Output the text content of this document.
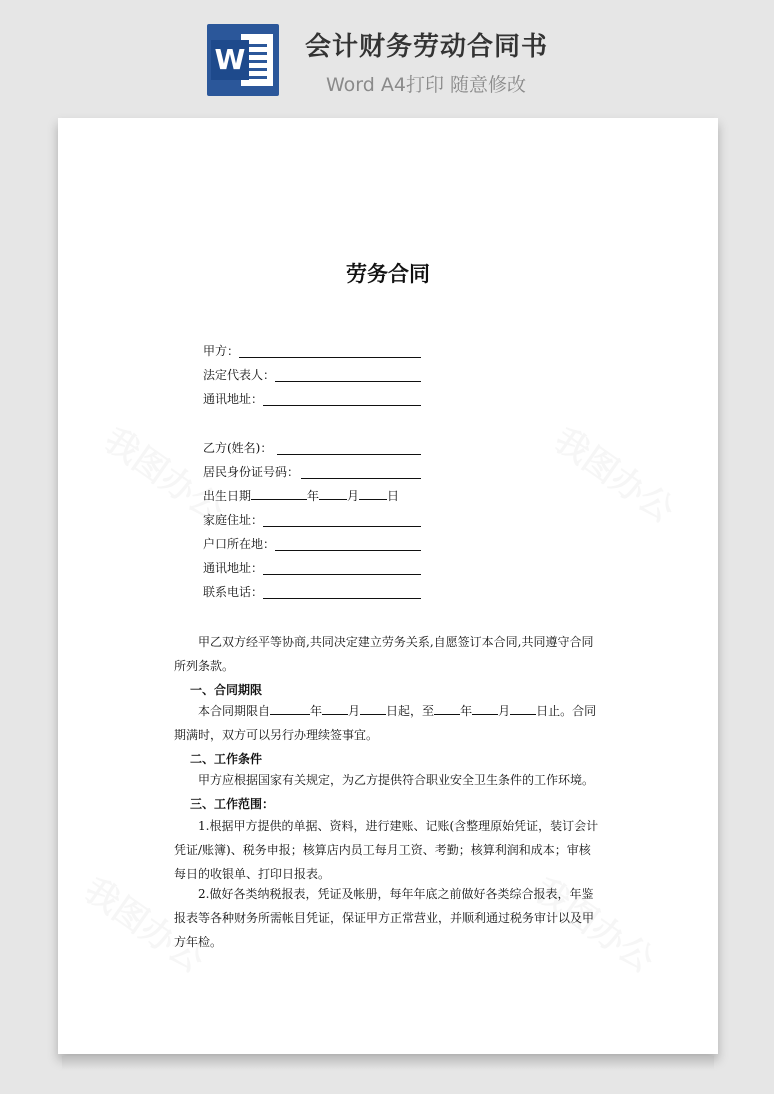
W 会计财务劳动合同书
Word A4打印 随意修改
劳务合同
甲方：
法定代表人：
通讯地址：
乙方(姓名)：
居民身份证号码：
出生日期	年 月 日
家庭住址：
户口所在地：
通讯地址：
联系电话：
甲乙双方经平等协商,共同决定建立劳务关系,自愿签订本合同,共同遵守合同所列条款。
一、合同期限
本合同期限自	年 月 日起，至 年 月 日止。合同期满时，双方可以另行办理续签事宜。
二、工作条件
甲方应根据国家有关规定，为乙方提供符合职业安全卫生条件的工作环境。
三、工作范围：
1.根据甲方提供的单据、资料，进行建账、记账(含整理原始凭证，装订会计凭证/账簿)、税务申报；核算店内员工每月工资、考勤；核算利润和成本；审核每日的收银单、打印日报表。
2.做好各类纳税报表，凭证及帐册，每年年底之前做好各类综合报表，年鉴报表等各种财务所需帐目凭证，保证甲方正常营业，并顺利通过税务审计以及甲方年检。
